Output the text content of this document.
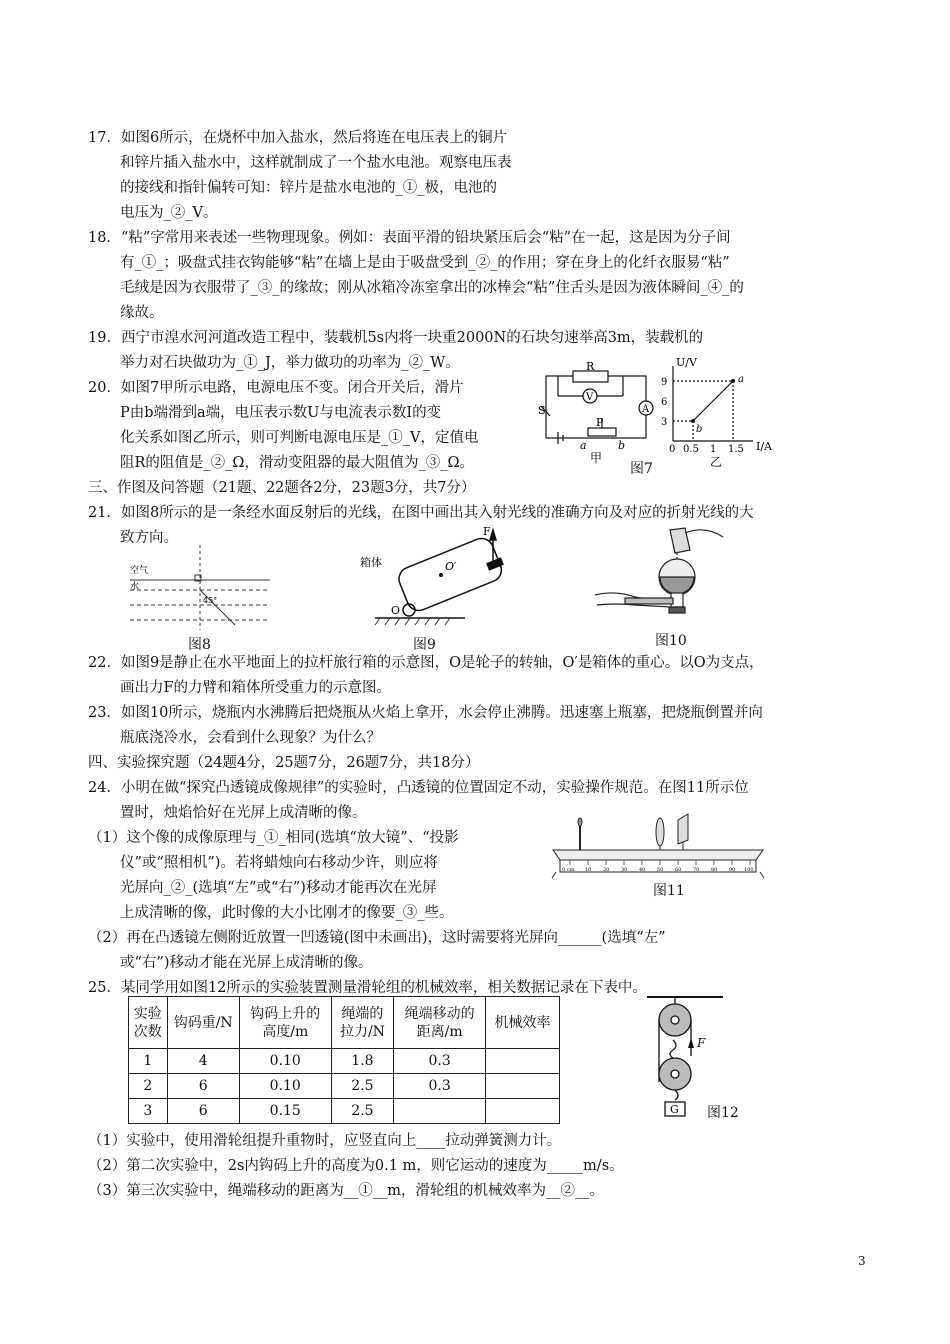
17．如图6所示，在烧杯中加入盐水，然后将连在电压表上的铜片
和锌片插入盐水中，这样就制成了一个盐水电池。观察电压表
的接线和指针偏转可知：锌片是盐水电池的_①_极，电池的
电压为_②_V。
18．“粘”字常用来表述一些物理现象。例如：表面平滑的铅块紧压后会“粘”在一起，这是因为分子间
有_①_；吸盘式挂衣钩能够“粘”在墙上是由于吸盘受到_②_的作用；穿在身上的化纤衣服易“粘”
毛绒是因为衣服带了_③_的缘故；刚从冰箱冷冻室拿出的冰棒会“粘”住舌头是因为液体瞬间_④_的
缘故。
19．西宁市湟水河河道改造工程中，装载机5s内将一块重2000N的石块匀速举高3m，装载机的
举力对石块做功为_①_J，举力做功的功率为_②_W。
20．如图7甲所示电路，电源电压不变。闭合开关后，滑片
P由b端滑到a端，电压表示数U与电流表示数I的变
化关系如图乙所示，则可判断电源电压是_①_V，定值电
阻R的阻值是_②_Ω，滑动变阻器的最大阻值为_③_Ω。
三、作图及问答题（21题、22题各2分，23题3分，共7分）
21．如图8所示的是一条经水面反射后的光线，在图中画出其入射光线的准确方向及对应的折射光线的大
致方向。
22．如图9是静止在水平地面上的拉杆旅行箱的示意图，O是轮子的转轴，O′是箱体的重心。以O为支点，
画出力F的力臂和箱体所受重力的示意图。
23．如图10所示，烧瓶内水沸腾后把烧瓶从火焰上拿开，水会停止沸腾。迅速塞上瓶塞，把烧瓶倒置并向
瓶底浇冷水，会看到什么现象？为什么？
四、实验探究题（24题4分，25题7分，26题7分，共18分）
24．小明在做“探究凸透镜成像规律”的实验时，凸透镜的位置固定不动，实验操作规范。在图11所示位
置时，烛焰恰好在光屏上成清晰的像。
（1）这个像的成像原理与_①_相同(选填“放大镜”、“投影
仪”或“照相机”)。若将蜡烛向右移动少许，则应将
光屏向_②_(选填“左”或“右”)移动才能再次在光屏
上成清晰的像，此时像的大小比刚才的像要_③_些。
（2）再在凸透镜左侧附近放置一凹透镜(图中未画出)，这时需要将光屏向______(选填“左”
或“右”)移动才能在光屏上成清晰的像。
25．某同学用如图12所示的实验装置测量滑轮组的机械效率，相关数据记录在下表中。
（1）实验中，使用滑轮组提升重物时，应竖直向上____拉动弹簧测力计。
（2）第二次实验中，2s内钩码上升的高度为0.1 m，则它运动的速度为_____m/s。
（3）第三次实验中，绳端移动的距离为__①__m，滑轮组的机械效率为__②__。
R
V
A
S
P
a	b
甲
U/V
I/A
9
6
3
0 0.5 1 1.5
a
b
乙
图7
空气
水
45°
图8
箱体
F
O′
O
图9	图10
0 cm 10 20 30 40 50 60 70 80 90 100
图11
实验
次数	钩码重/N	钩码上升的
高度/m	绳端的
拉力/N	绳端移动的
距离/m	机械效率
1	4	0.10	1.8	0.3	
2	6	0.10	2.5	0.3	
3	6	0.15	2.5		
F
G 图12
3
